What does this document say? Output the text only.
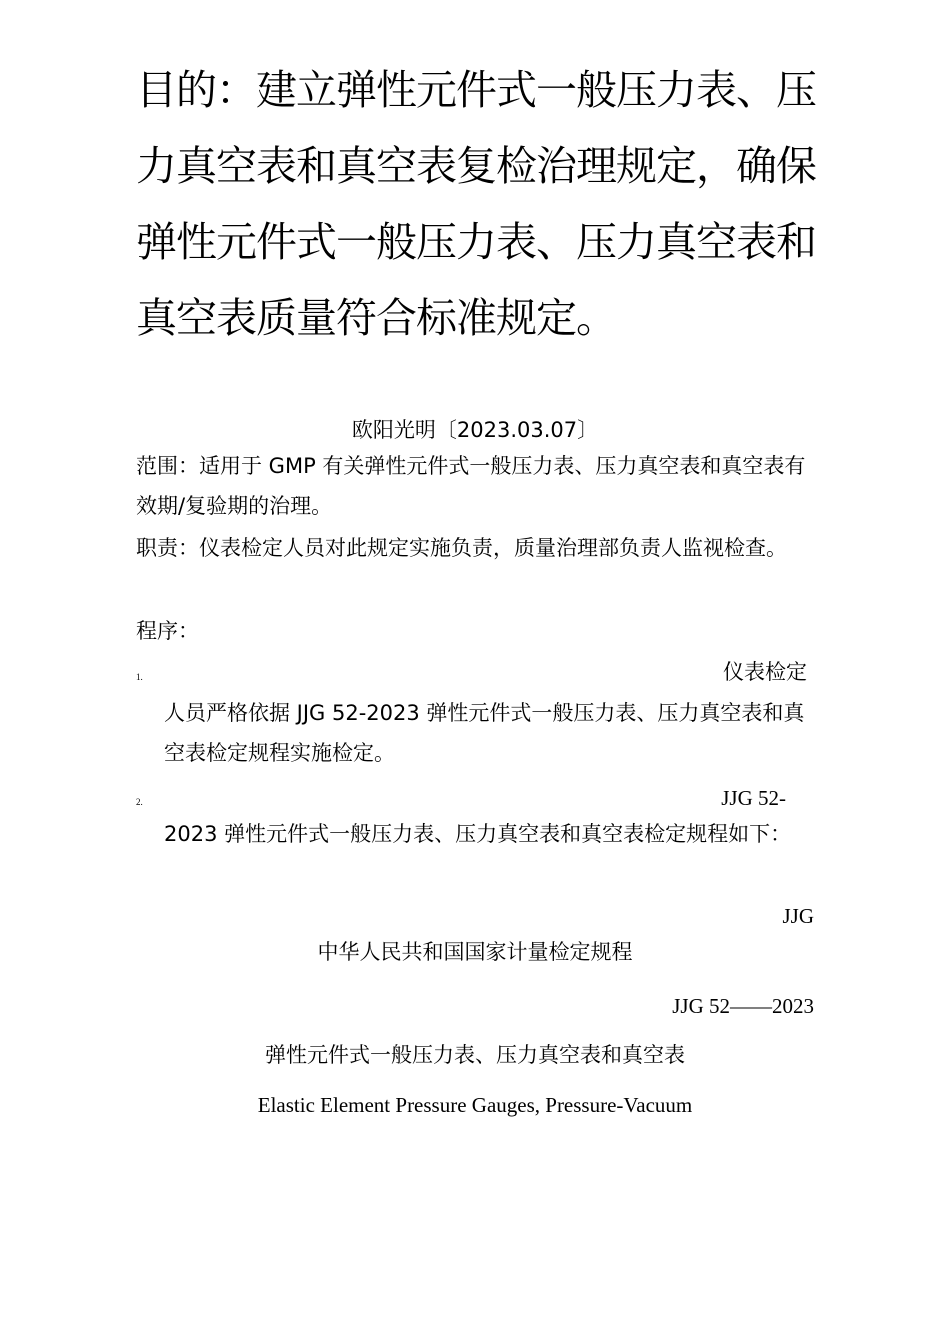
目的：建立弹性元件式一般压力表、压力真空表和真空表复检治理规定，确保弹性元件式一般压力表、压力真空表和真空表质量符合标准规定。
欧阳光明〔2023.03.07〕

范围：适用于 GMP 有关弹性元件式一般压力表、压力真空表和真空表有效期/复验期的治理。

职责：仪表检定人员对此规定实施负责，质量治理部负责人监视检查。

程序：

1.	仪表检定

人员严格依据 JJG 52-2023 弹性元件式一般压力表、压力真空表和真空表检定规程实施检定。

2.	JJG 52-

2023 弹性元件式一般压力表、压力真空表和真空表检定规程如下：

JJG
中华人民共和国国家计量检定规程
JJG 52——2023
弹性元件式一般压力表、压力真空表和真空表
Elastic Element Pressure Gauges, Pressure-Vacuum
